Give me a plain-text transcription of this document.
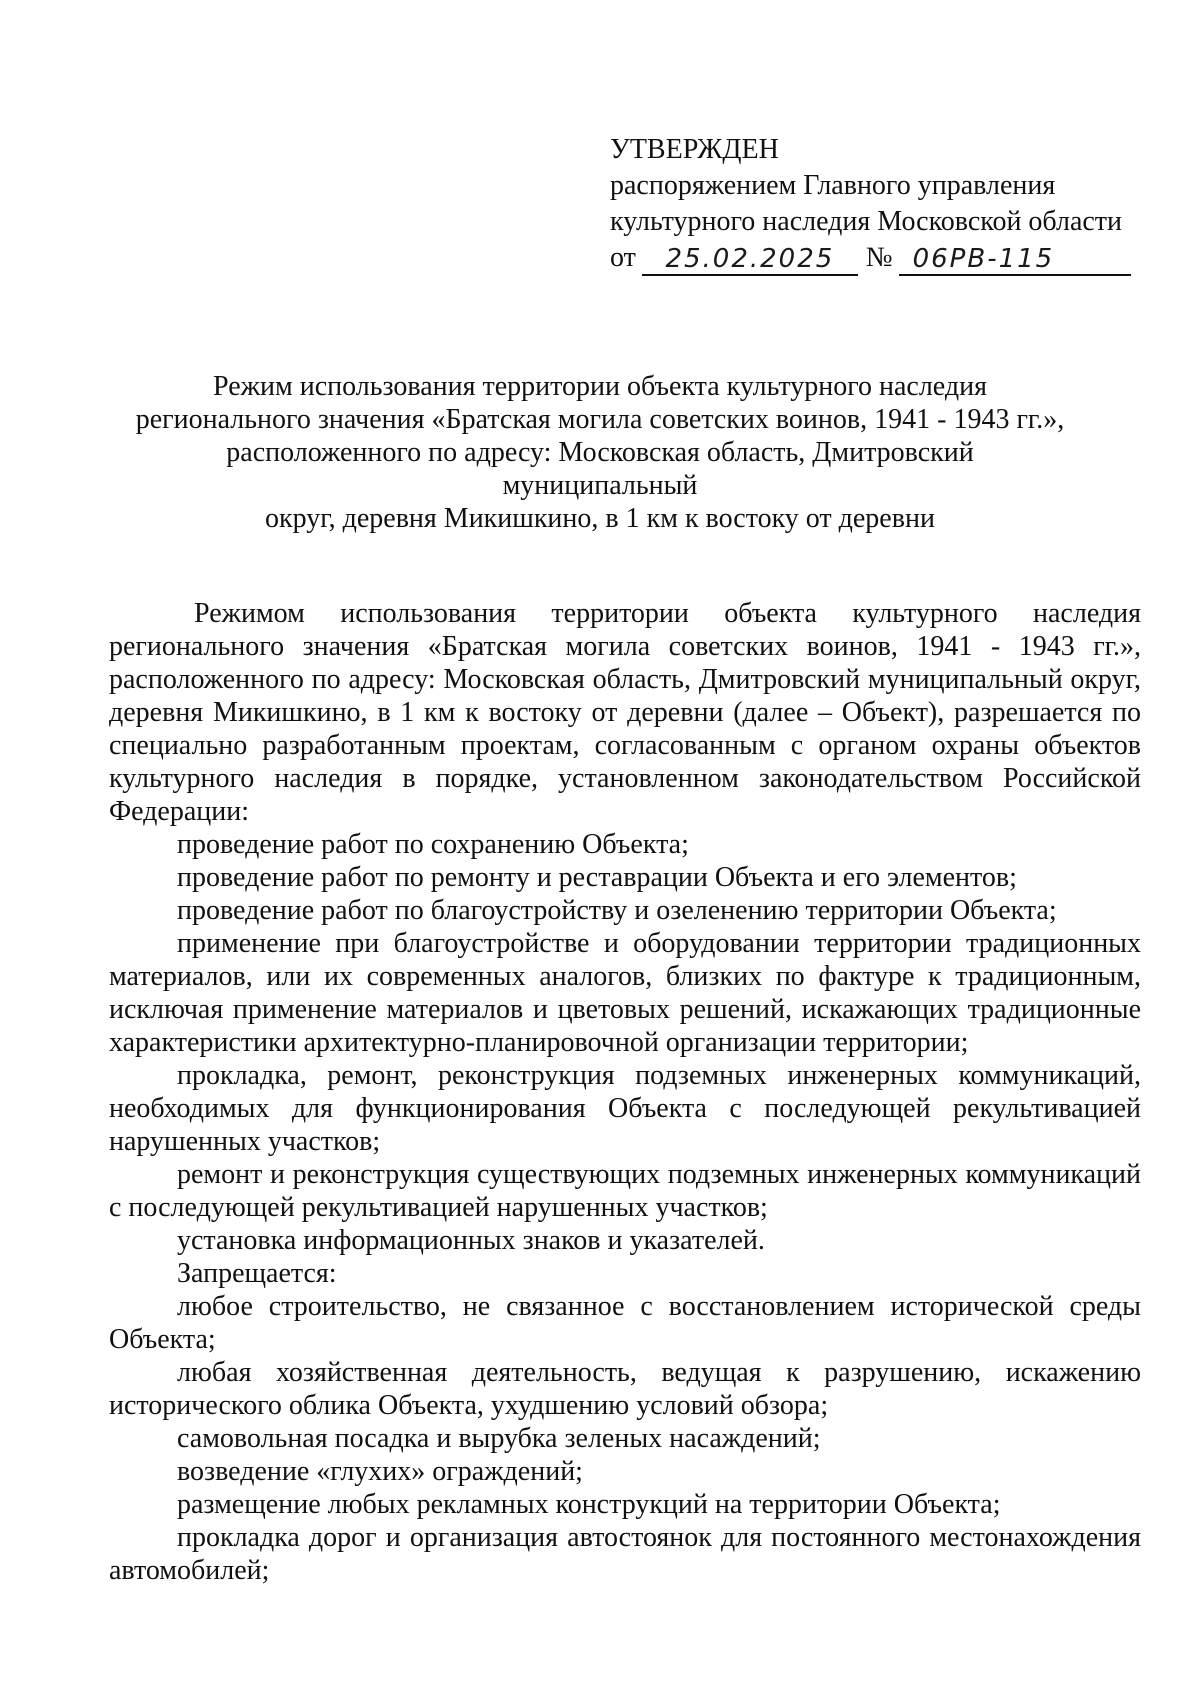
УТВЕРЖДЕН
распоряжением Главного управления
культурного наследия Московской области
от	25.02.2025	№ 06РВ-115
Режим использования территории объекта культурного наследия
регионального значения «Братская могила советских воинов, 1941 - 1943 гг.»,
расположенного по адресу: Московская область, Дмитровский муниципальный
округ, деревня Микишкино, в 1 км к востоку от деревни

Режимом использования территории объекта культурного наследия регионального значения «Братская могила советских воинов, 1941 - 1943 гг.», расположенного по адресу: Московская область, Дмитровский муниципальный округ, деревня Микишкино, в 1 км к востоку от деревни (далее – Объект), разрешается по специально разработанным проектам, согласованным с органом охраны объектов культурного наследия в порядке, установленном законодательством Российской Федерации:

проведение работ по сохранению Объекта;

проведение работ по ремонту и реставрации Объекта и его элементов;

проведение работ по благоустройству и озеленению территории Объекта;

применение при благоустройстве и оборудовании территории традиционных материалов, или их современных аналогов, близких по фактуре к традиционным, исключая применение материалов и цветовых решений, искажающих традиционные характеристики архитектурно-планировочной организации территории;

прокладка, ремонт, реконструкция подземных инженерных коммуникаций, необходимых для функционирования Объекта с последующей рекультивацией нарушенных участков;

ремонт и реконструкция существующих подземных инженерных коммуникаций с последующей рекультивацией нарушенных участков;

установка информационных знаков и указателей.

Запрещается:

любое строительство, не связанное с восстановлением исторической среды Объекта;

любая хозяйственная деятельность, ведущая к разрушению, искажению исторического облика Объекта, ухудшению условий обзора;

самовольная посадка и вырубка зеленых насаждений;

возведение «глухих» ограждений;

размещение любых рекламных конструкций на территории Объекта;

прокладка дорог и организация автостоянок для постоянного местонахождения автомобилей;
